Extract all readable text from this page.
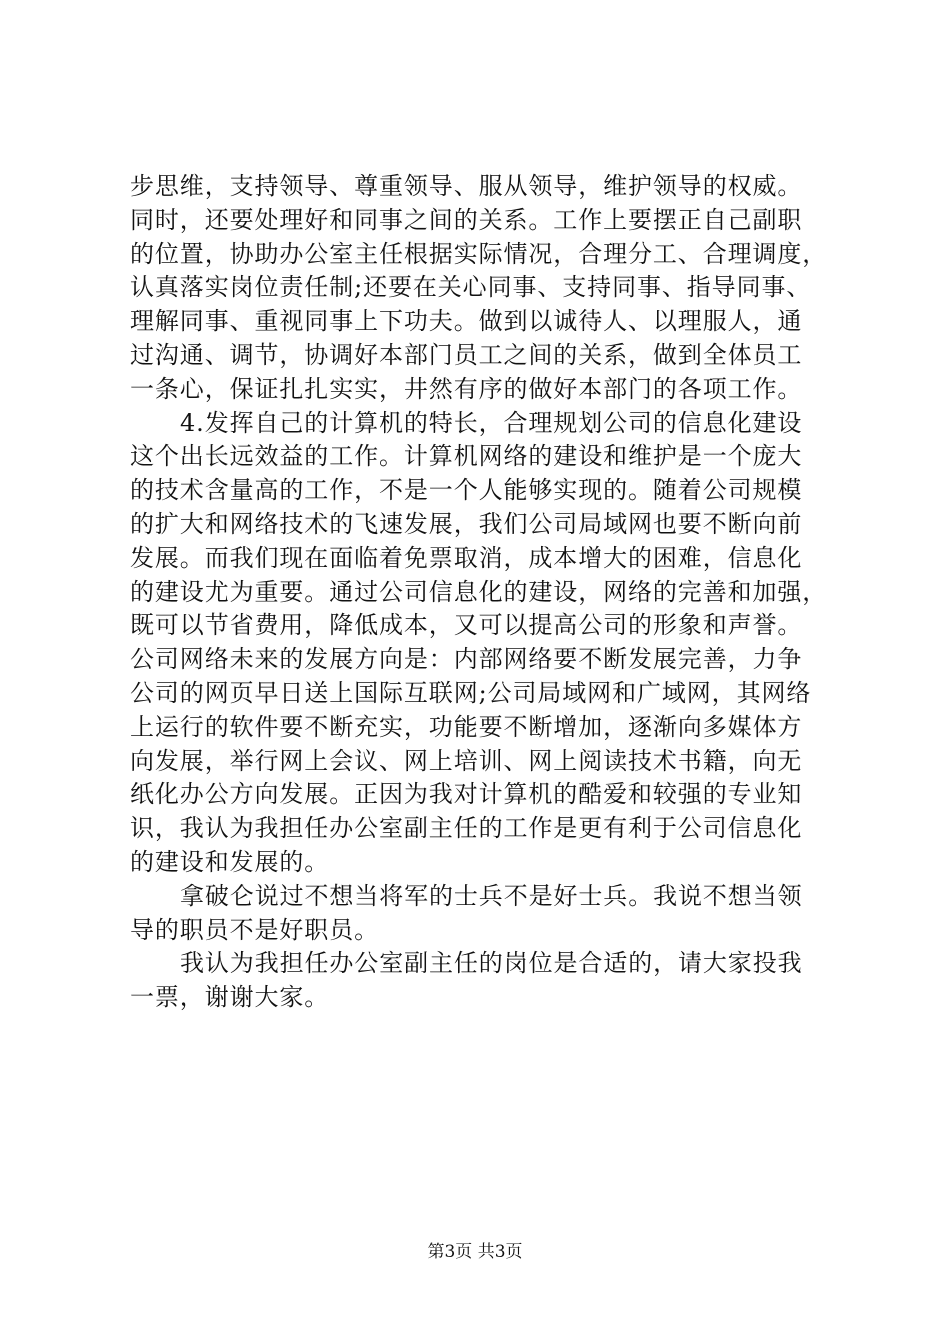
步思维，支持领导、尊重领导、服从领导，维护领导的权威。
同时，还要处理好和同事之间的关系。工作上要摆正自己副职
的位置，协助办公室主任根据实际情况，合理分工、合理调度，
认真落实岗位责任制;还要在关心同事、支持同事、指导同事、
理解同事、重视同事上下功夫。做到以诚待人、以理服人，通
过沟通、调节，协调好本部门员工之间的关系，做到全体员工
一条心，保证扎扎实实，井然有序的做好本部门的各项工作。
4.发挥自己的计算机的特长，合理规划公司的信息化建设
这个出长远效益的工作。计算机网络的建设和维护是一个庞大
的技术含量高的工作，不是一个人能够实现的。随着公司规模
的扩大和网络技术的飞速发展，我们公司局域网也要不断向前
发展。而我们现在面临着免票取消，成本增大的困难，信息化
的建设尤为重要。通过公司信息化的建设，网络的完善和加强，
既可以节省费用，降低成本，又可以提高公司的形象和声誉。
公司网络未来的发展方向是：内部网络要不断发展完善，力争
公司的网页早日送上国际互联网;公司局域网和广域网，其网络
上运行的软件要不断充实，功能要不断增加，逐渐向多媒体方
向发展，举行网上会议、网上培训、网上阅读技术书籍，向无
纸化办公方向发展。正因为我对计算机的酷爱和较强的专业知
识，我认为我担任办公室副主任的工作是更有利于公司信息化
的建设和发展的。
拿破仑说过不想当将军的士兵不是好士兵。我说不想当领
导的职员不是好职员。
我认为我担任办公室副主任的岗位是合适的，请大家投我
一票，谢谢大家。
第3页 共3页
